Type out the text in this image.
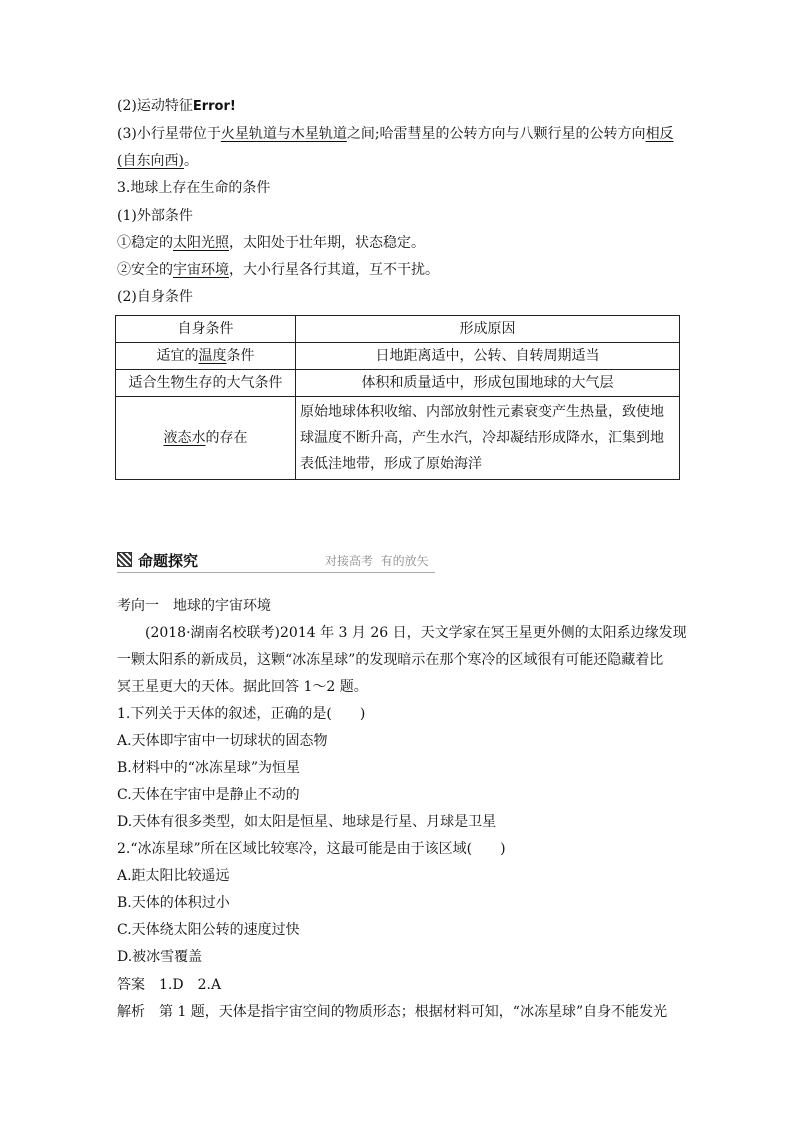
(2)运动特征Error!
(3)小行星带位于火星轨道与木星轨道之间;哈雷彗星的公转方向与八颗行星的公转方向相反
(自东向西)。
3.地球上存在生命的条件
(1)外部条件
①稳定的太阳光照，太阳处于壮年期，状态稳定。
②安全的宇宙环境，大小行星各行其道，互不干扰。
(2)自身条件
自身条件	形成原因
适宜的温度条件	日地距离适中，公转、自转周期适当
适合生物生存的大气条件	体积和质量适中，形成包围地球的大气层
液态水的存在	原始地球体积收缩、内部放射性元素衰变产生热量，致使地
球温度不断升高，产生水汽，冷却凝结形成降水，汇集到地
表低洼地带，形成了原始海洋
命题探究	对接高考 有的放矢
考向一　地球的宇宙环境
　　(2018·湖南名校联考)2014 年 3 月 26 日，天文学家在冥王星更外侧的太阳系边缘发现
一颗太阳系的新成员，这颗“冰冻星球”的发现暗示在那个寒冷的区域很有可能还隐藏着比
冥王星更大的天体。据此回答 1～2 题。
1.下列关于天体的叙述，正确的是(　　)
A.天体即宇宙中一切球状的固态物
B.材料中的“冰冻星球”为恒星
C.天体在宇宙中是静止不动的
D.天体有很多类型，如太阳是恒星、地球是行星、月球是卫星
2.“冰冻星球”所在区域比较寒冷，这最可能是由于该区域(　　)
A.距太阳比较遥远
B.天体的体积过小
C.天体绕太阳公转的速度过快
D.被冰雪覆盖
答案　1.D　2.A
解析　第 1 题，天体是指宇宙空间的物质形态；根据材料可知，“冰冻星球”自身不能发光
